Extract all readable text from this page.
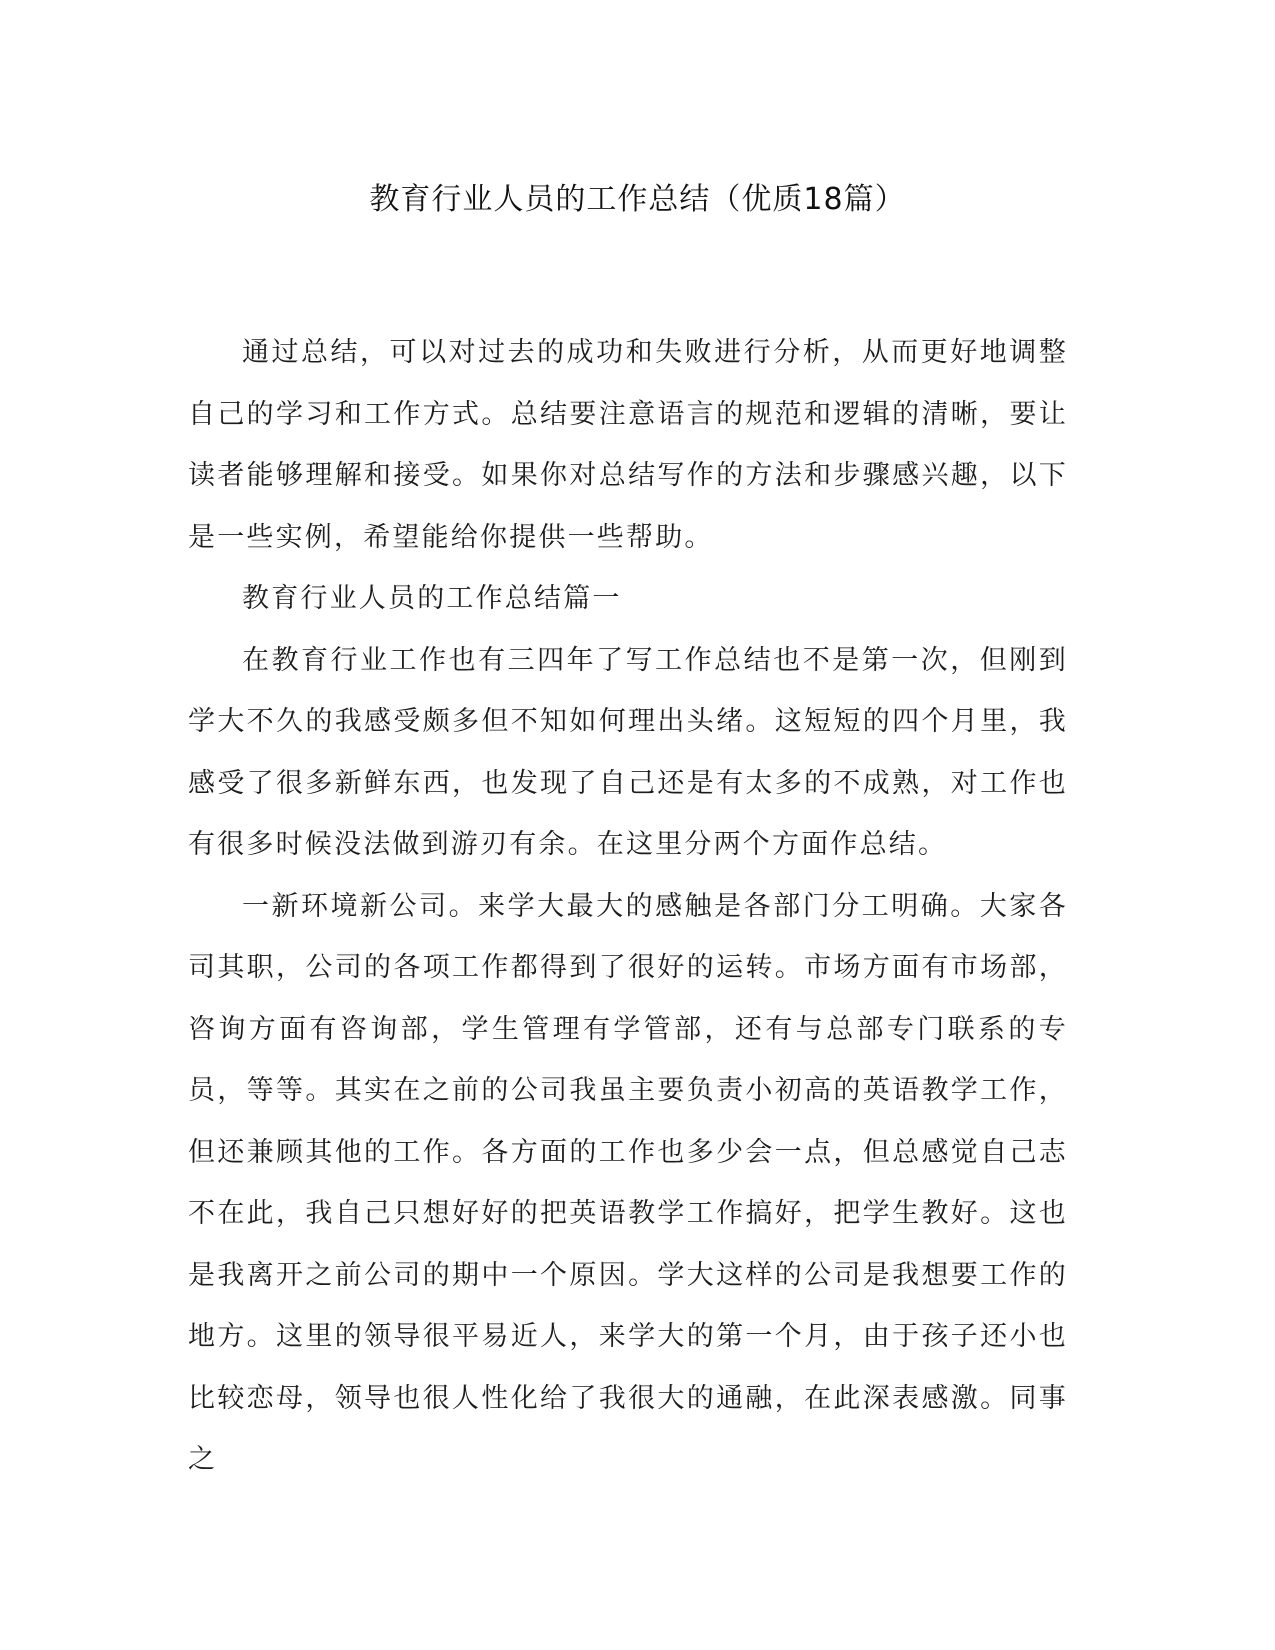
教育行业人员的工作总结（优质18篇）

通过总结，可以对过去的成功和失败进行分析，从而更好地调整自己的学习和工作方式。总结要注意语言的规范和逻辑的清晰，要让读者能够理解和接受。如果你对总结写作的方法和步骤感兴趣，以下是一些实例，希望能给你提供一些帮助。

教育行业人员的工作总结篇一

在教育行业工作也有三四年了写工作总结也不是第一次，但刚到学大不久的我感受颇多但不知如何理出头绪。这短短的四个月里，我感受了很多新鲜东西，也发现了自己还是有太多的不成熟，对工作也有很多时候没法做到游刃有余。在这里分两个方面作总结。

一新环境新公司。来学大最大的感触是各部门分工明确。大家各司其职，公司的各项工作都得到了很好的运转。市场方面有市场部，咨询方面有咨询部，学生管理有学管部，还有与总部专门联系的专员，等等。其实在之前的公司我虽主要负责小初高的英语教学工作，但还兼顾其他的工作。各方面的工作也多少会一点，但总感觉自己志不在此，我自己只想好好的把英语教学工作搞好，把学生教好。这也是我离开之前公司的期中一个原因。学大这样的公司是我想要工作的地方。这里的领导很平易近人，来学大的第一个月，由于孩子还小也比较恋母，领导也很人性化给了我很大的通融，在此深表感激。同事之
